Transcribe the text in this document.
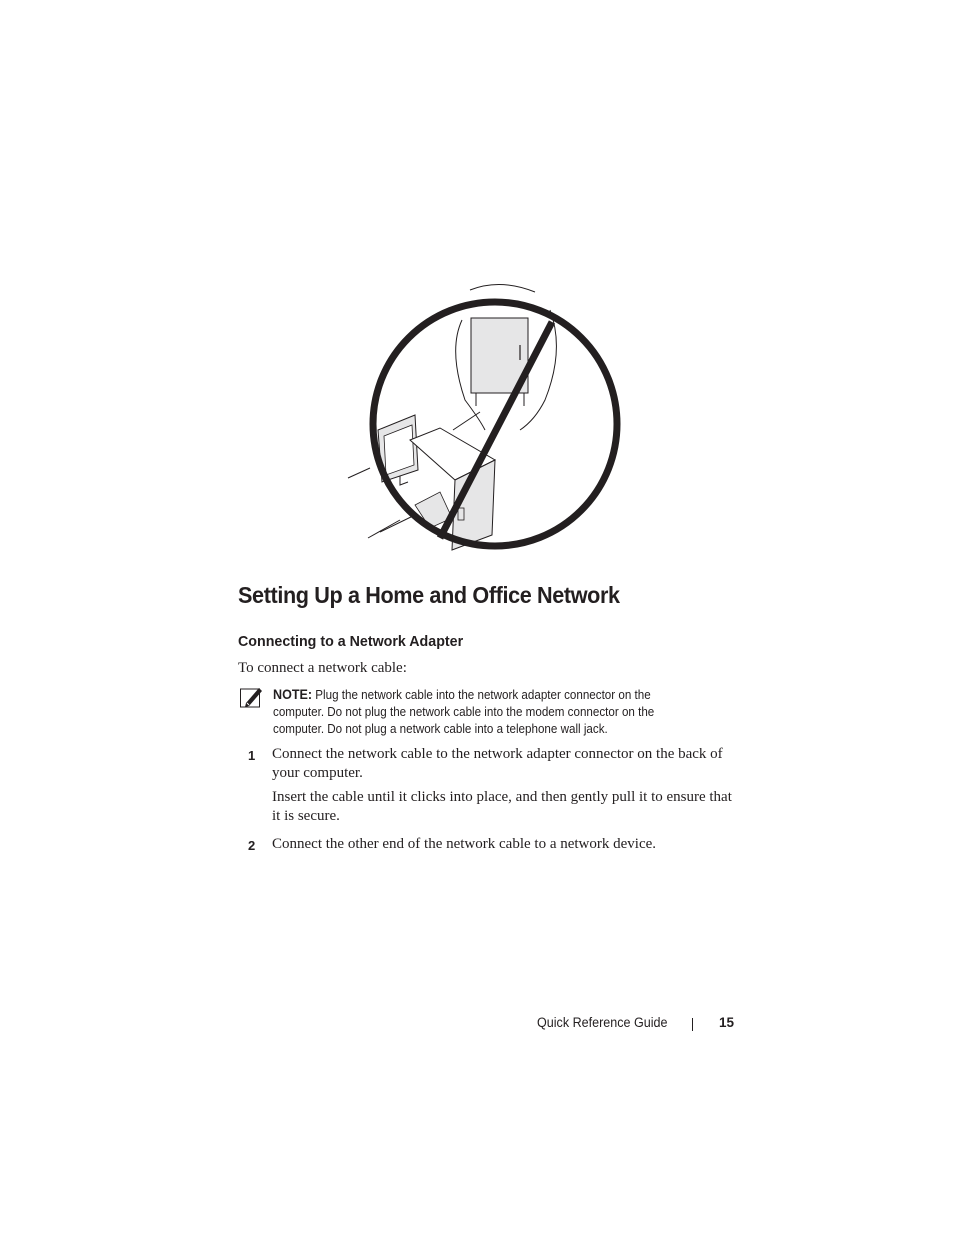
Setting Up a Home and Office Network
Connecting to a Network Adapter

To connect a network cable:

NOTE: Plug the network cable into the network adapter connector on the computer. Do not plug the network cable into the modem connector on the computer. Do not plug a network cable into a telephone wall jack.

1 Connect the network cable to the network adapter connector on the back of your computer.

Insert the cable until it clicks into place, and then gently pull it to ensure that it is secure.

2 Connect the other end of the network cable to a network device.

Quick Reference Guide	15
